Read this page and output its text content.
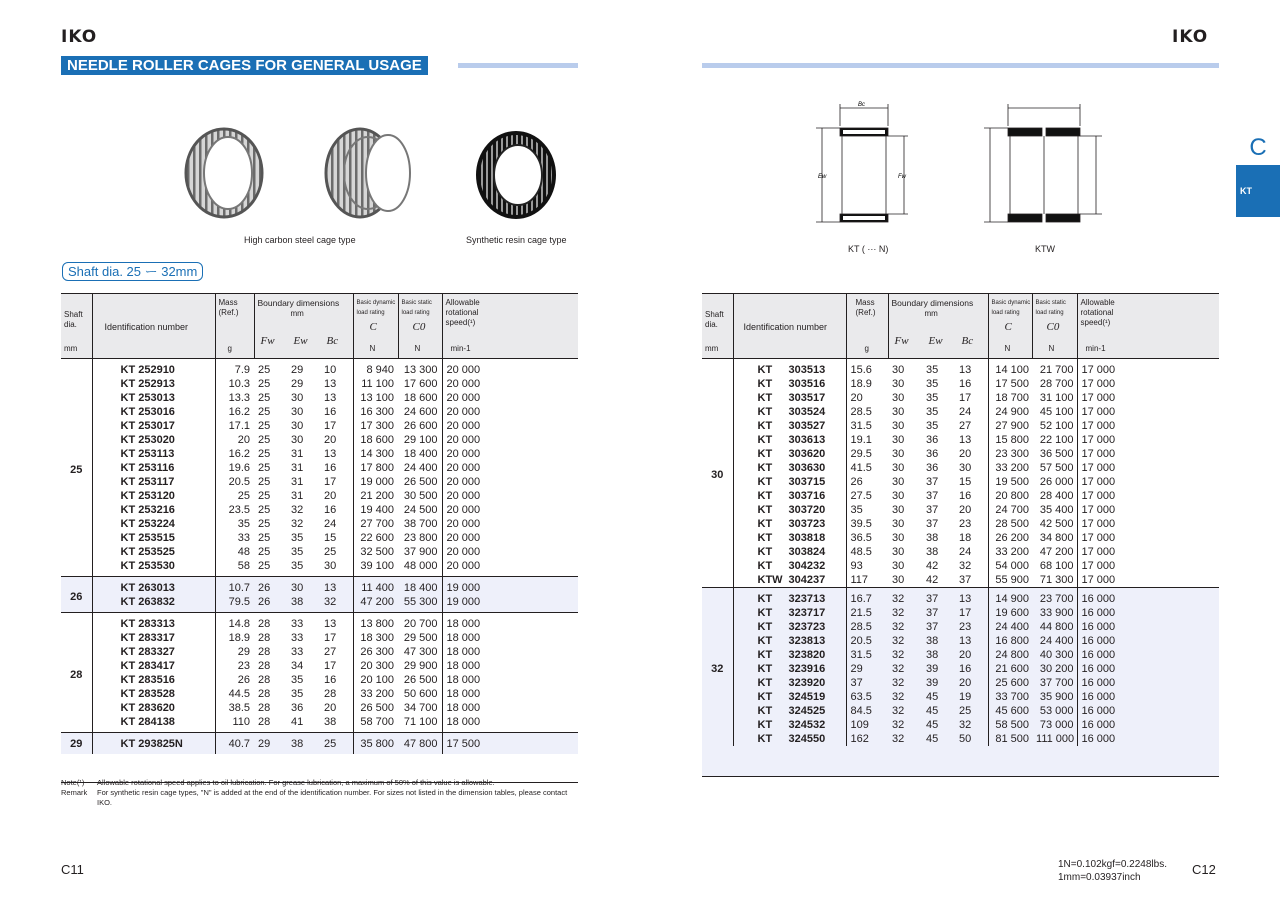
IKO	IKO
NEEDLE ROLLER CAGES FOR GENERAL USAGE
High carbon steel cage type	Synthetic resin cage type
Bc
Ew	Fw
KT ( ··· N)	KTW
C
KT
Shaft dia. 25 ー 32mm
Shaft
dia.
mm	Identification number	Mass
(Ref.)
g	Boundary dimensions
mm
Fw Ew Bc			Basic dynamic
load rating
C
N	Basic static
load rating
C0
N	Allowable
rotational
speed(¹)
min-1

25	KT 252910	7.9	25	29	10	8 940	13 300	20 000
	KT 252913	10.3	25	29	13	11 100	17 600	20 000
	KT 253013	13.3	25	30	13	13 100	18 600	20 000
	KT 253016	16.2	25	30	16	16 300	24 600	20 000
	KT 253017	17.1	25	30	17	17 300	26 600	20 000
	KT 253020	20	25	30	20	18 600	29 100	20 000
	KT 253113	16.2	25	31	13	14 300	18 400	20 000
	KT 253116	19.6	25	31	16	17 800	24 400	20 000
	KT 253117	20.5	25	31	17	19 000	26 500	20 000
	KT 253120	25	25	31	20	21 200	30 500	20 000
	KT 253216	23.5	25	32	16	19 400	24 500	20 000
	KT 253224	35	25	32	24	27 700	38 700	20 000
	KT 253515	33	25	35	15	22 600	23 800	20 000
	KT 253525	48	25	35	25	32 500	37 900	20 000
	KT 253530	58	25	35	30	39 100	48 000	20 000
26	KT 263013	10.7	26	30	13	11 400	18 400	19 000
	KT 263832	79.5	26	38	32	47 200	55 300	19 000
28	KT 283313	14.8	28	33	13	13 800	20 700	18 000
	KT 283317	18.9	28	33	17	18 300	29 500	18 000
	KT 283327	29	28	33	27	26 300	47 300	18 000
	KT 283417	23	28	34	17	20 300	29 900	18 000
	KT 283516	26	28	35	16	20 100	26 500	18 000
	KT 283528	44.5	28	35	28	33 200	50 600	18 000
	KT 283620	38.5	28	36	20	26 500	34 700	18 000
	KT 284138	110	28	41	38	58 700	71 100	18 000
29	KT 293825N	40.7	29	38	25	35 800	47 800	17 500

Shaft
dia.
mm	Identification number	Mass
(Ref.)
g	Boundary dimensions
mm
Fw Ew Bc			Basic dynamic
load rating
C
N	Basic static
load rating
C0
N	Allowable
rotational
speed(¹)
min-1

30	KT 303513	15.6	30	35	13	14 100	21 700	17 000
	KT 303516	18.9	30	35	16	17 500	28 700	17 000
	KT 303517	20	30	35	17	18 700	31 100	17 000
	KT 303524	28.5	30	35	24	24 900	45 100	17 000
	KT 303527	31.5	30	35	27	27 900	52 100	17 000
	KT 303613	19.1	30	36	13	15 800	22 100	17 000
	KT 303620	29.5	30	36	20	23 300	36 500	17 000
	KT 303630	41.5	30	36	30	33 200	57 500	17 000
	KT 303715	26	30	37	15	19 500	26 000	17 000
	KT 303716	27.5	30	37	16	20 800	28 400	17 000
	KT 303720	35	30	37	20	24 700	35 400	17 000
	KT 303723	39.5	30	37	23	28 500	42 500	17 000
	KT 303818	36.5	30	38	18	26 200	34 800	17 000
	KT 303824	48.5	30	38	24	33 200	47 200	17 000
	KT 304232	93	30	42	32	54 000	68 100	17 000
	KTW 304237	117	30	42	37	55 900	71 300	17 000
32	KT 323713	16.7	32	37	13	14 900	23 700	16 000
	KT 323717	21.5	32	37	17	19 600	33 900	16 000
	KT 323723	28.5	32	37	23	24 400	44 800	16 000
	KT 323813	20.5	32	38	13	16 800	24 400	16 000
	KT 323820	31.5	32	38	20	24 800	40 300	16 000
	KT 323916	29	32	39	16	21 600	30 200	16 000
	KT 323920	37	32	39	20	25 600	37 700	16 000
	KT 324519	63.5	32	45	19	33 700	35 900	16 000
	KT 324525	84.5	32	45	25	45 600	53 000	16 000
	KT 324532	109	32	45	32	58 500	73 000	16 000
	KT 324550	162	32	45	50	81 500	111 000	16 000

Note(¹)	Allowable rotational speed applies to oil lubrication. For grease lubrication, a maximum of 50% of this value is allowable.
Remark	For synthetic resin cage types, "N" is added at the end of the identification number. For sizes not listed in the dimension tables, please contact IKO.
C11	1N=0.102kgf=0.2248lbs.
1mm=0.03937inch
C12
